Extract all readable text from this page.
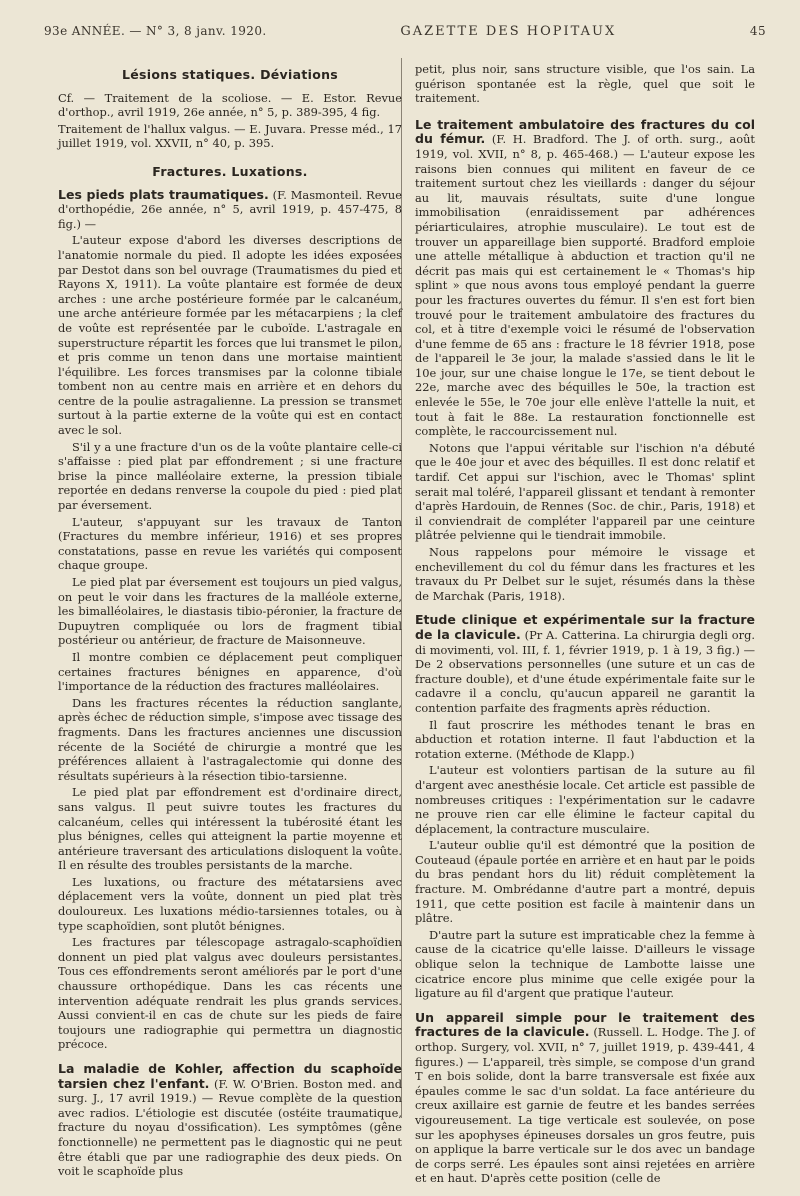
93e ANNÉE. — N° 3, 8 janv. 1920.	GAZETTE DES HOPITAUX	45
Lésions statiques. Déviations

Cf. — Traitement de la scoliose. — E. Estor. Revue d'orthop., avril 1919, 26e année, n° 5, p. 389-395, 4 fig.

Traitement de l'hallux valgus. — E. Juvara. Presse méd., 17 juillet 1919, vol. XXVII, n° 40, p. 395.

Fractures. Luxations.

Les pieds plats traumatiques. (F. Masmonteil. Revue d'orthopédie, 26e année, n° 5, avril 1919, p. 457-475, 8 fig.) —

L'auteur expose d'abord les diverses descriptions de l'anatomie normale du pied. Il adopte les idées exposées par Destot dans son bel ouvrage (Traumatismes du pied et Rayons X, 1911). La voûte plantaire est formée de deux arches : une arche postérieure formée par le calcanéum, une arche antérieure formée par les métacarpiens ; la clef de voûte est représentée par le cuboïde. L'astragale en superstructure répartit les forces que lui transmet le pilon, et pris comme un tenon dans une mortaise maintient l'équilibre. Les forces transmises par la colonne tibiale tombent non au centre mais en arrière et en dehors du centre de la poulie astragalienne. La pression se transmet surtout à la partie externe de la voûte qui est en contact avec le sol.

S'il y a une fracture d'un os de la voûte plantaire celle-ci s'affaisse : pied plat par effondrement ; si une fracture brise la pince malléolaire externe, la pression tibiale reportée en dedans renverse la coupole du pied : pied plat par éversement.

L'auteur, s'appuyant sur les travaux de Tanton (Fractures du membre inférieur, 1916) et ses propres constatations, passe en revue les variétés qui composent chaque groupe.

Le pied plat par éversement est toujours un pied valgus, on peut le voir dans les fractures de la malléole externe, les bimalléolaires, le diastasis tibio-péronier, la fracture de Dupuytren compliquée ou lors de fragment tibial postérieur ou antérieur, de fracture de Maisonneuve.

Il montre combien ce déplacement peut compliquer certaines fractures bénignes en apparence, d'où l'importance de la réduction des fractures malléolaires.

Dans les fractures récentes la réduction sanglante, après échec de réduction simple, s'impose avec tissage des fragments. Dans les fractures anciennes une discussion récente de la Société de chirurgie a montré que les préférences allaient à l'astragalectomie qui donne des résultats supérieurs à la résection tibio-tarsienne.

Le pied plat par effondrement est d'ordinaire direct, sans valgus. Il peut suivre toutes les fractures du calcanéum, celles qui intéressent la tubérosité étant les plus bénignes, celles qui atteignent la partie moyenne et antérieure traversant des articulations disloquent la voûte. Il en résulte des troubles persistants de la marche.

Les luxations, ou fracture des métatarsiens avec déplacement vers la voûte, donnent un pied plat très douloureux. Les luxations médio-tarsiennes totales, ou à type scaphoïdien, sont plutôt bénignes.

Les fractures par télescopage astragalo-scaphoïdien donnent un pied plat valgus avec douleurs persistantes. Tous ces effondrements seront améliorés par le port d'une chaussure orthopédique. Dans les cas récents une intervention adéquate rendrait les plus grands services. Aussi convient-il en cas de chute sur les pieds de faire toujours une radiographie qui permettra un diagnostic précoce.

La maladie de Kohler, affection du scaphoïde tarsien chez l'enfant. (F. W. O'Brien. Boston med. and surg. J., 17 avril 1919.) — Revue complète de la question avec radios. L'étiologie est discutée (ostéite traumatique, fracture du noyau d'ossification). Les symptômes (gêne fonctionnelle) ne permettent pas le diagnostic qui ne peut être établi que par une radiographie des deux pieds. On voit le scaphoïde plus

petit, plus noir, sans structure visible, que l'os sain. La guérison spontanée est la règle, quel que soit le traitement.

Le traitement ambulatoire des fractures du col du fémur. (F. H. Bradford. The J. of orth. surg., août 1919, vol. XVII, n° 8, p. 465-468.) — L'auteur expose les raisons bien connues qui militent en faveur de ce traitement surtout chez les vieillards : danger du séjour au lit, mauvais résultats, suite d'une longue immobilisation (enraidissement par adhérences périarticulaires, atrophie musculaire). Le tout est de trouver un appareillage bien supporté. Bradford emploie une attelle métallique à abduction et traction qu'il ne décrit pas mais qui est certainement le « Thomas's hip splint » que nous avons tous employé pendant la guerre pour les fractures ouvertes du fémur. Il s'en est fort bien trouvé pour le traitement ambulatoire des fractures du col, et à titre d'exemple voici le résumé de l'observation d'une femme de 65 ans : fracture le 18 février 1918, pose de l'appareil le 3e jour, la malade s'assied dans le lit le 10e jour, sur une chaise longue le 17e, se tient debout le 22e, marche avec des béquilles le 50e, la traction est enlevée le 55e, le 70e jour elle enlève l'attelle la nuit, et tout à fait le 88e. La restauration fonctionnelle est complète, le raccourcissement nul.

Notons que l'appui véritable sur l'ischion n'a débuté que le 40e jour et avec des béquilles. Il est donc relatif et tardif. Cet appui sur l'ischion, avec le Thomas' splint serait mal toléré, l'appareil glissant et tendant à remonter d'après Hardouin, de Rennes (Soc. de chir., Paris, 1918) et il conviendrait de compléter l'appareil par une ceinture plâtrée pelvienne qui le tiendrait immobile.

Nous rappelons pour mémoire le vissage et enchevillement du col du fémur dans les fractures et les travaux du Pr Delbet sur le sujet, résumés dans la thèse de Marchak (Paris, 1918).

Etude clinique et expérimentale sur la fracture de la clavicule. (Pr A. Catterina. La chirurgia degli org. di movimenti, vol. III, f. 1, février 1919, p. 1 à 19, 3 fig.) — De 2 observations personnelles (une suture et un cas de fracture double), et d'une étude expérimentale faite sur le cadavre il a conclu, qu'aucun appareil ne garantit la contention parfaite des fragments après réduction.

Il faut proscrire les méthodes tenant le bras en abduction et rotation interne. Il faut l'abduction et la rotation externe. (Méthode de Klapp.)

L'auteur est volontiers partisan de la suture au fil d'argent avec anesthésie locale. Cet article est passible de nombreuses critiques : l'expérimentation sur le cadavre ne prouve rien car elle élimine le facteur capital du déplacement, la contracture musculaire.

L'auteur oublie qu'il est démontré que la position de Couteaud (épaule portée en arrière et en haut par le poids du bras pendant hors du lit) réduit complètement la fracture. M. Ombrédanne d'autre part a montré, depuis 1911, que cette position est facile à maintenir dans un plâtre.

D'autre part la suture est impraticable chez la femme à cause de la cicatrice qu'elle laisse. D'ailleurs le vissage oblique selon la technique de Lambotte laisse une cicatrice encore plus minime que celle exigée pour la ligature au fil d'argent que pratique l'auteur.

Un appareil simple pour le traitement des fractures de la clavicule. (Russell. L. Hodge. The J. of orthop. Surgery, vol. XVII, n° 7, juillet 1919, p. 439-441, 4 figures.) — L'appareil, très simple, se compose d'un grand T en bois solide, dont la barre transversale est fixée aux épaules comme le sac d'un soldat. La face antérieure du creux axillaire est garnie de feutre et les bandes serrées vigoureusement. La tige verticale est soulevée, on pose sur les apophyses épineuses dorsales un gros feutre, puis on applique la barre verticale sur le dos avec un bandage de corps serré. Les épaules sont ainsi rejetées en arrière et en haut. D'après cette position (celle de
